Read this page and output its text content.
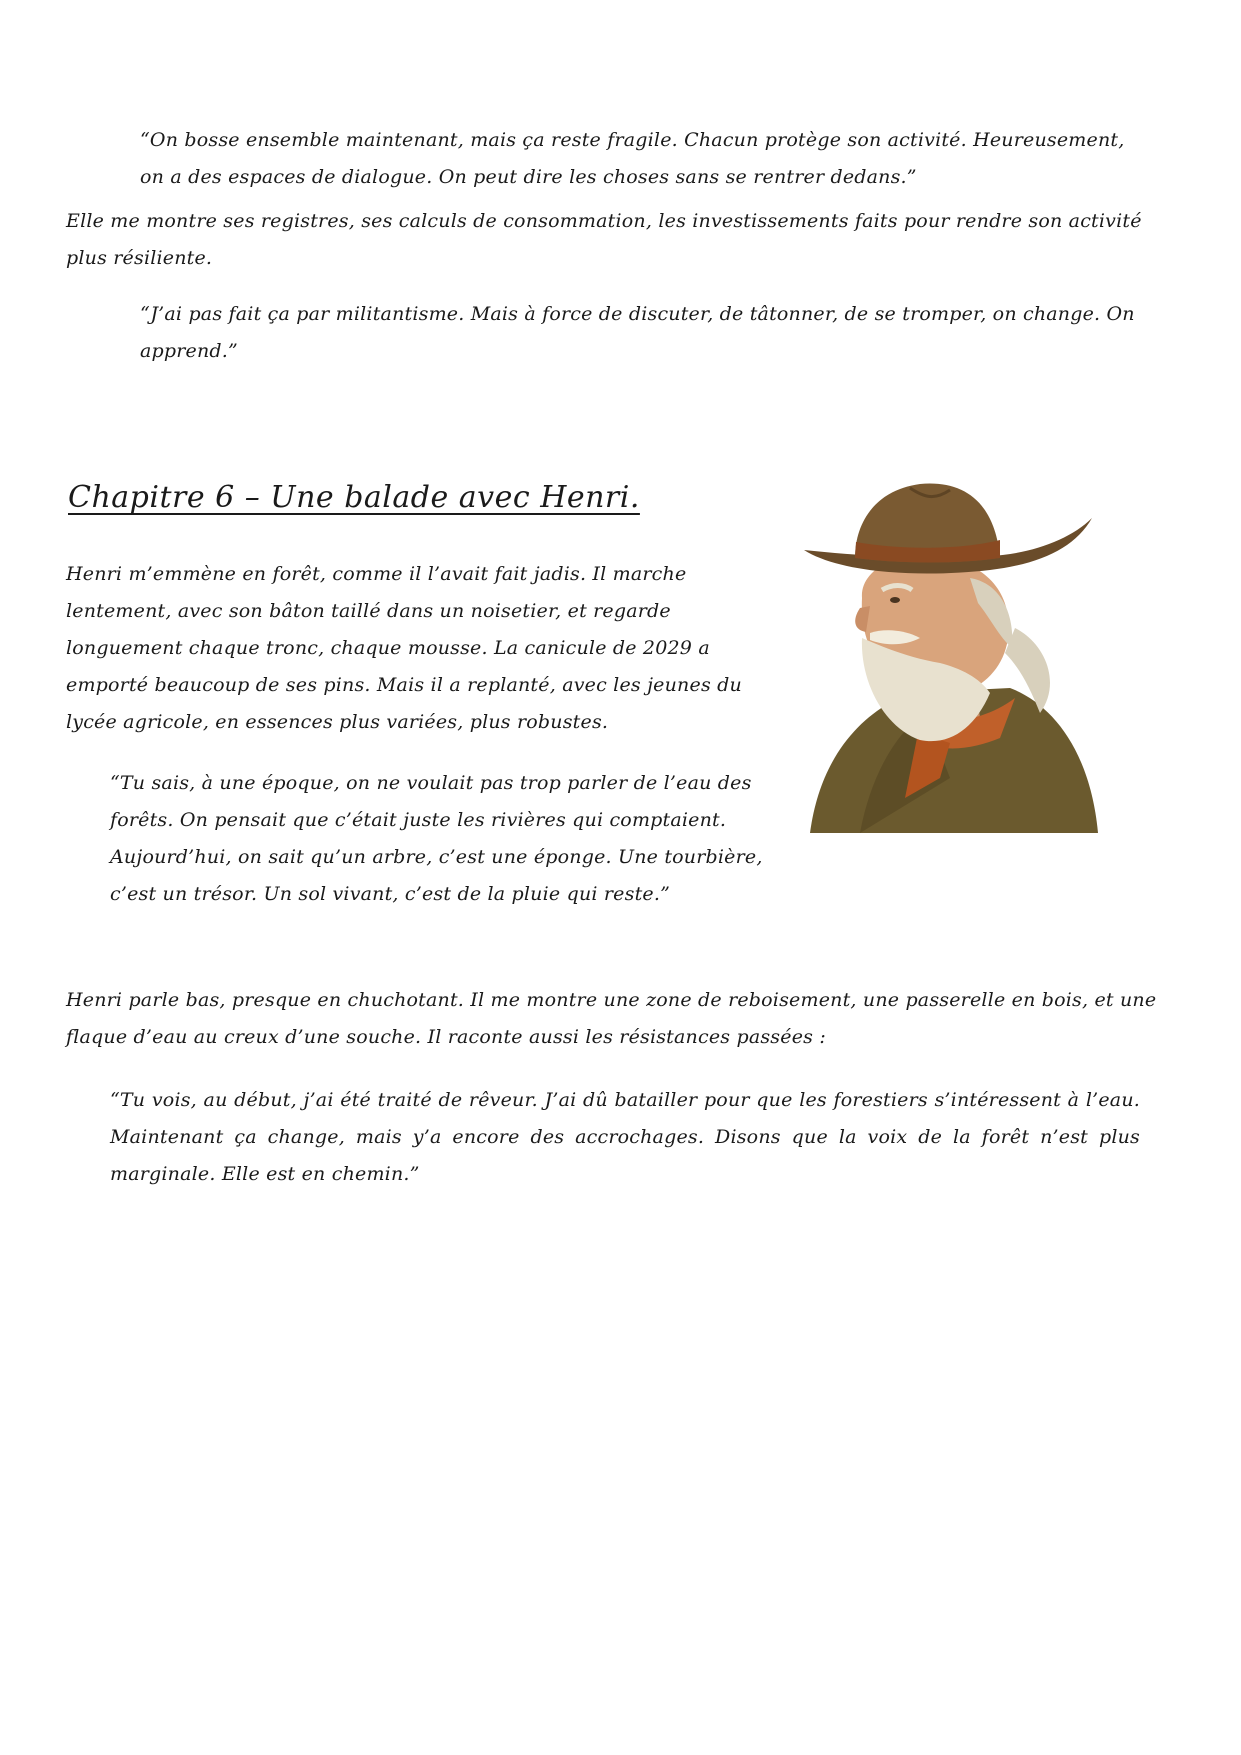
“On bosse ensemble maintenant, mais ça reste fragile. Chacun protège son activité. Heureusement, on a des espaces de dialogue. On peut dire les choses sans se rentrer dedans.”

Elle me montre ses registres, ses calculs de consommation, les investissements faits pour rendre son activité plus résiliente.

“J’ai pas fait ça par militantisme. Mais à force de discuter, de tâtonner, de se tromper, on change. On apprend.”

Chapitre 6 – Une balade avec Henri.

Henri m’emmène en forêt, comme il l’avait fait jadis. Il marche lentement, avec son bâton taillé dans un noisetier, et regarde longuement chaque tronc, chaque mousse. La canicule de 2029 a emporté beaucoup de ses pins. Mais il a replanté, avec les jeunes du lycée agricole, en essences plus variées, plus robustes.

“Tu sais, à une époque, on ne voulait pas trop parler de l’eau des forêts. On pensait que c’était juste les rivières qui comptaient. Aujourd’hui, on sait qu’un arbre, c’est une éponge. Une tourbière, c’est un trésor. Un sol vivant, c’est de la pluie qui reste.”

Henri parle bas, presque en chuchotant. Il me montre une zone de reboisement, une passerelle en bois, et une flaque d’eau au creux d’une souche. Il raconte aussi les résistances passées :

“Tu vois, au début, j’ai été traité de rêveur. J’ai dû batailler pour que les forestiers s’intéressent à l’eau. Maintenant ça change, mais y’a encore des accrochages. Disons que la voix de la forêt n’est plus marginale. Elle est en chemin.”
